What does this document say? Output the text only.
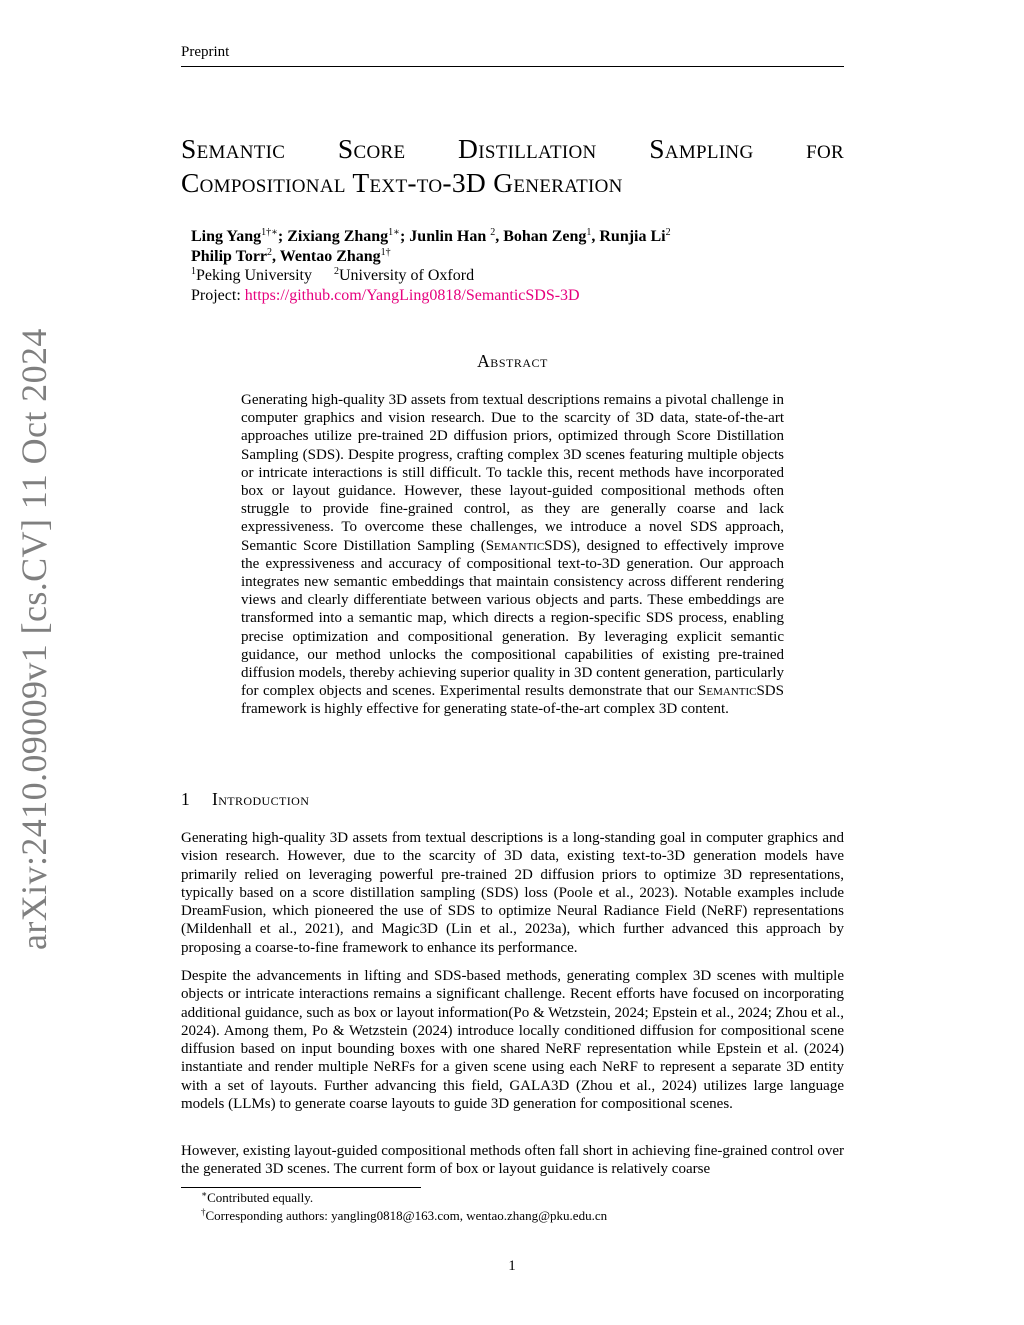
Preprint
Semantic Score Distillation Sampling for
Compositional Text-to-3D Generation
Ling Yang$^{1\dagger∗}$; Zixiang Zhang$^{1∗}$; Junlin Han $^2$, Bohan Zeng$^1$, Runjia Li$^2$
Philip Torr$^2$, Wentao Zhang$^{1\dagger}$
$^1$Peking University $^2$University of Oxford
Project: https://github.com/YangLing0818/SemanticSDS-3D
arXiv:2410.09009v1 [cs.CV] 11 Oct 2024	Abstract
Generating high-quality 3D assets from textual descriptions remains a pivotal challenge in computer graphics and vision research. Due to the scarcity of 3D data, state-of-the-art approaches utilize pre-trained 2D diffusion priors, optimized through Score Distillation Sampling (SDS). Despite progress, crafting complex 3D scenes featuring multiple objects or intricate interactions is still difficult. To tackle this, recent methods have incorporated box or layout guidance. However, these layout-guided compositional methods often struggle to provide fine-grained control, as they are generally coarse and lack expressiveness. To overcome these challenges, we introduce a novel SDS approach, Semantic Score Distillation Sampling (SemanticSDS), designed to effectively improve the expressiveness and accuracy of compositional text-to-3D generation. Our approach integrates new semantic embeddings that maintain consistency across different rendering views and clearly differentiate between various objects and parts. These embeddings are transformed into a semantic map, which directs a region-specific SDS process, enabling precise optimization and compositional generation. By leveraging explicit semantic guidance, our method unlocks the compositional capabilities of existing pre-trained diffusion models, thereby achieving superior quality in 3D content generation, particularly for complex objects and scenes. Experimental results demonstrate that our SemanticSDS framework is highly effective for generating state-of-the-art complex 3D content.
1 Introduction
Generating high-quality 3D assets from textual descriptions is a long-standing goal in computer graphics and vision research. However, due to the scarcity of 3D data, existing text-to-3D generation models have primarily relied on leveraging powerful pre-trained 2D diffusion priors to optimize 3D representations, typically based on a score distillation sampling (SDS) loss (Poole et al., 2023). Notable examples include DreamFusion, which pioneered the use of SDS to optimize Neural Radiance Field (NeRF) representations (Mildenhall et al., 2021), and Magic3D (Lin et al., 2023a), which further advanced this approach by proposing a coarse-to-fine framework to enhance its performance.
Despite the advancements in lifting and SDS-based methods, generating complex 3D scenes with multiple objects or intricate interactions remains a significant challenge. Recent efforts have focused on incorporating additional guidance, such as box or layout information(Po & Wetzstein, 2024; Epstein et al., 2024; Zhou et al., 2024). Among them, Po & Wetzstein (2024) introduce locally conditioned diffusion for compositional scene diffusion based on input bounding boxes with one shared NeRF representation while Epstein et al. (2024) instantiate and render multiple NeRFs for a given scene using each NeRF to represent a separate 3D entity with a set of layouts. Further advancing this field, GALA3D (Zhou et al., 2024) utilizes large language models (LLMs) to generate coarse layouts to guide 3D generation for compositional scenes.
However, existing layout-guided compositional methods often fall short in achieving fine-grained control over the generated 3D scenes. The current form of box or layout guidance is relatively coarse
∗Contributed equally.
†Corresponding authors: yangling0818@163.com, wentao.zhang@pku.edu.cn
1
